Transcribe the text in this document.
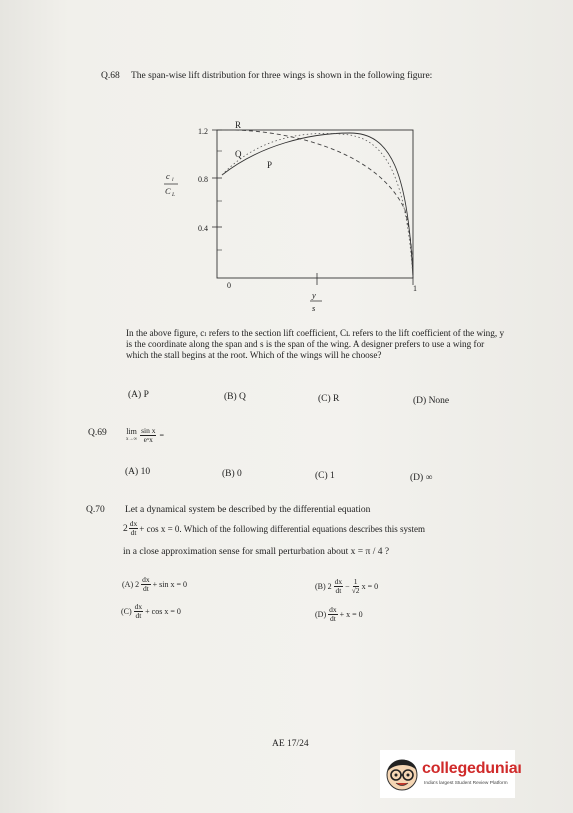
Q.68 The span-wise lift distribution for three wings is shown in the following figure:
1.2
0.8
0.4
0	1
R
Q
P
c l
C L
y
s
In the above figure, cₗ refers to the section lift coefficient, Cʟ refers to the lift coefficient of the wing, y is the coordinate along the span and s is the span of the wing. A designer prefers to use a wing for which the stall begins at the root. Which of the wings will he choose?
(A) P	(B) Q	(C) R	(D) None
Q.69 lim
$x\to\infty \frac{\text{sin x}}{\text{eˣx}}$ =
(A) 10	(B) 0	(C) 1	(D) ∞
Q.70 Let a dynamical system be described by the differential equation
$2 \frac{dx}{dt} + \cos x = 0$. Which of the following differential equations describes this system
in a close approximation sense for small perturbation about x = π / 4 ?
(A) $2 \frac{dx}{dt} + \sin x = 0$	(B) $2 \frac{dx}{dt} - \frac{1}{√2}$ x = 0
$(C) \frac{dx}{dt} + \cos x = 0$	$(D) \frac{dx}{dt} + x = 0$
AE 17/24
collegeduniaı
India's largest Student Review Platform
